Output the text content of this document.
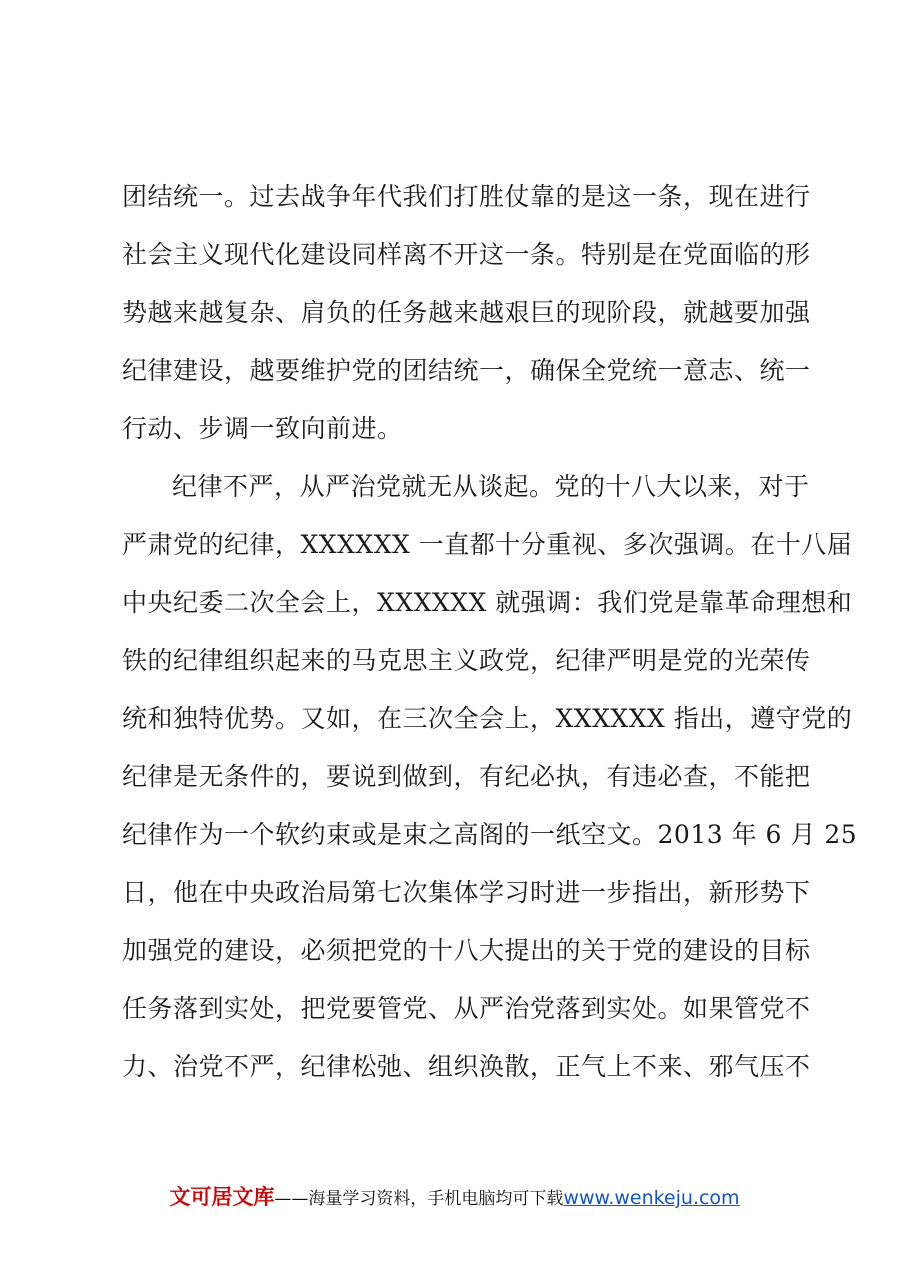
团结统一。过去战争年代我们打胜仗靠的是这一条，现在进行
社会主义现代化建设同样离不开这一条。特别是在党面临的形
势越来越复杂、肩负的任务越来越艰巨的现阶段，就越要加强
纪律建设，越要维护党的团结统一，确保全党统一意志、统一
行动、步调一致向前进。
纪律不严，从严治党就无从谈起。党的十八大以来，对于
严肃党的纪律，XXXXXX 一直都十分重视、多次强调。在十八届
中央纪委二次全会上，XXXXXX 就强调：我们党是靠革命理想和
铁的纪律组织起来的马克思主义政党，纪律严明是党的光荣传
统和独特优势。又如，在三次全会上，XXXXXX 指出，遵守党的
纪律是无条件的，要说到做到，有纪必执，有违必查，不能把
纪律作为一个软约束或是束之高阁的一纸空文。2013 年 6 月 25
日，他在中央政治局第七次集体学习时进一步指出，新形势下
加强党的建设，必须把党的十八大提出的关于党的建设的目标
任务落到实处，把党要管党、从严治党落到实处。如果管党不
力、治党不严，纪律松弛、组织涣散，正气上不来、邪气压不
文可居文库——海量学习资料，手机电脑均可下载www.wenkeju.com
